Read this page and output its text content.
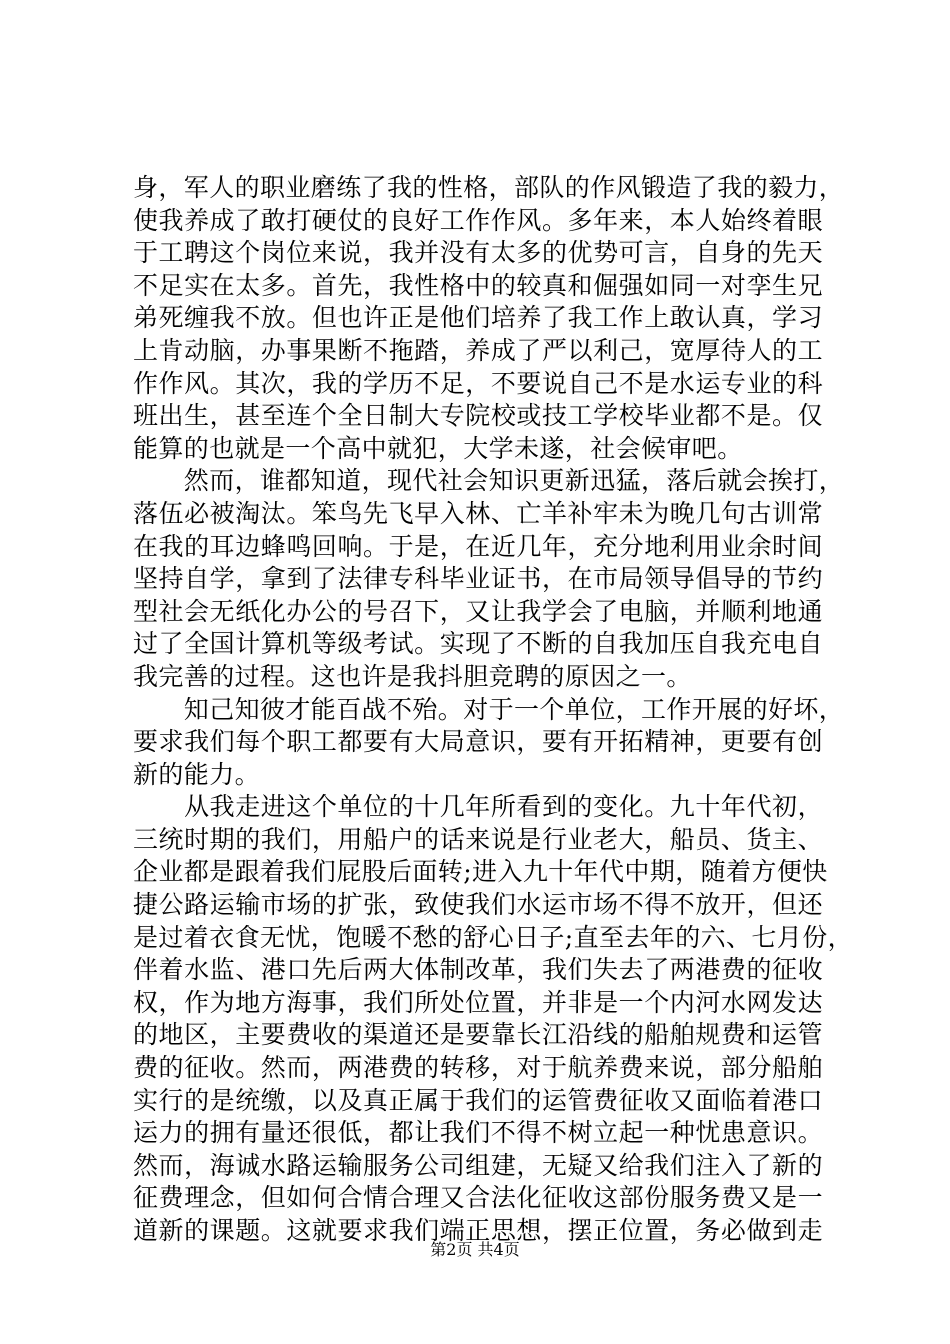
身，军人的职业磨练了我的性格，部队的作风锻造了我的毅力，
使我养成了敢打硬仗的良好工作作风。多年来，本人始终着眼
于工聘这个岗位来说，我并没有太多的优势可言，自身的先天
不足实在太多。首先，我性格中的较真和倔强如同一对孪生兄
弟死缠我不放。但也许正是他们培养了我工作上敢认真，学习
上肯动脑，办事果断不拖踏，养成了严以利己，宽厚待人的工
作作风。其次，我的学历不足，不要说自己不是水运专业的科
班出生，甚至连个全日制大专院校或技工学校毕业都不是。仅
能算的也就是一个高中就犯，大学未遂，社会候审吧。
　　然而，谁都知道，现代社会知识更新迅猛，落后就会挨打，
落伍必被淘汰。笨鸟先飞早入林、亡羊补牢未为晚几句古训常
在我的耳边蜂鸣回响。于是，在近几年，充分地利用业余时间
坚持自学，拿到了法律专科毕业证书，在市局领导倡导的节约
型社会无纸化办公的号召下，又让我学会了电脑，并顺利地通
过了全国计算机等级考试。实现了不断的自我加压自我充电自
我完善的过程。这也许是我抖胆竞聘的原因之一。
　　知己知彼才能百战不殆。对于一个单位，工作开展的好坏，
要求我们每个职工都要有大局意识，要有开拓精神，更要有创
新的能力。
　　从我走进这个单位的十几年所看到的变化。九十年代初，
三统时期的我们，用船户的话来说是行业老大，船员、货主、
企业都是跟着我们屁股后面转;进入九十年代中期，随着方便快
捷公路运输市场的扩张，致使我们水运市场不得不放开，但还
是过着衣食无忧，饱暖不愁的舒心日子;直至去年的六、七月份，
伴着水监、港口先后两大体制改革，我们失去了两港费的征收
权，作为地方海事，我们所处位置，并非是一个内河水网发达
的地区，主要费收的渠道还是要靠长江沿线的船舶规费和运管
费的征收。然而，两港费的转移，对于航养费来说，部分船舶
实行的是统缴，以及真正属于我们的运管费征收又面临着港口
运力的拥有量还很低，都让我们不得不树立起一种忧患意识。
然而，海诚水路运输服务公司组建，无疑又给我们注入了新的
征费理念，但如何合情合理又合法化征收这部份服务费又是一
道新的课题。这就要求我们端正思想，摆正位置，务必做到走
第2页 共4页
